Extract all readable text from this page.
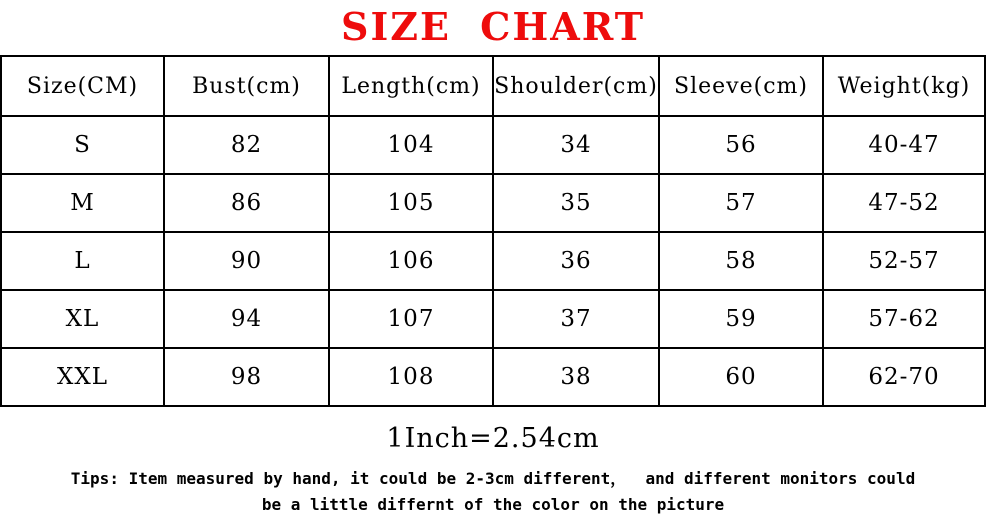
SIZE CHART
Size(CM)	Bust(cm)	Length(cm)	Shoulder(cm)	Sleeve(cm)	Weight(kg)
S	82	104	34	56	40-47
M	86	105	35	57	47-52
L	90	106	36	58	52-57
XL	94	107	37	59	57-62
XXL	98	108	38	60	62-70
1Inch=2.54cm
Tips: Item measured by hand, it could be 2-3cm different，  and different monitors could
be a little differnt of the color on the picture
